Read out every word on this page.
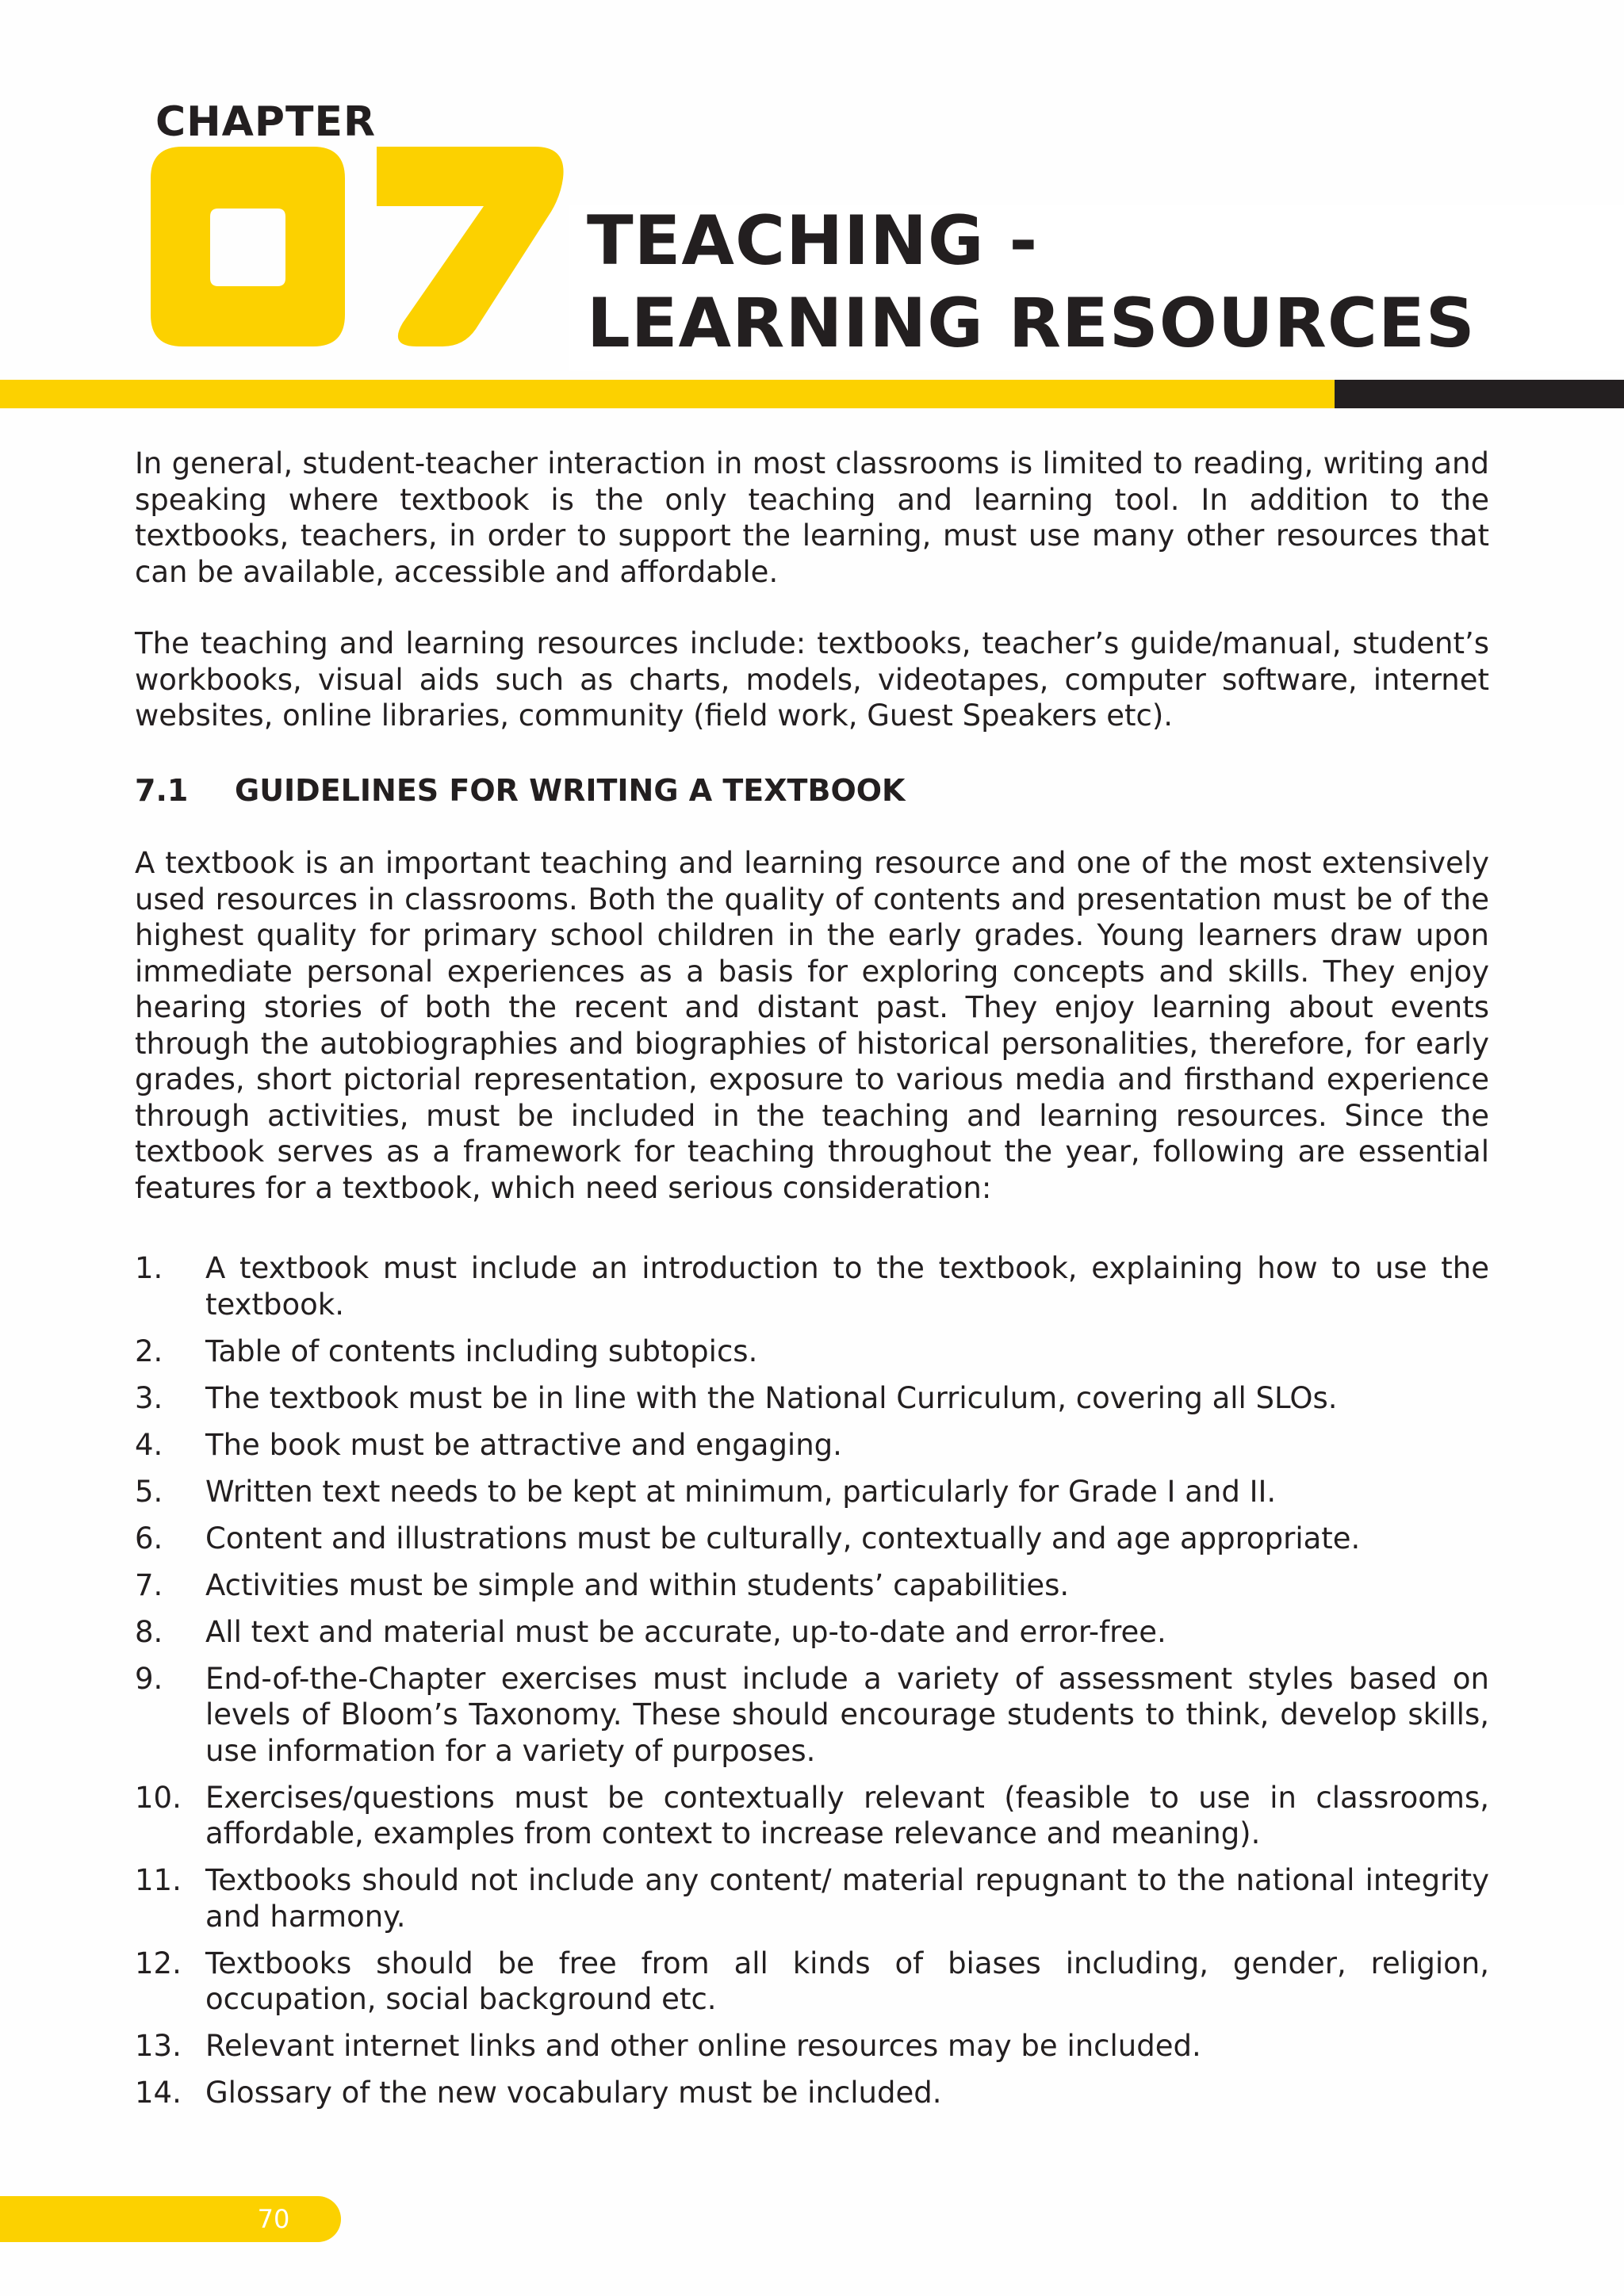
CHAPTER
TEACHING -
LEARNING RESOURCES

In general, student-teacher interaction in most classrooms is limited to reading, writing and speaking where textbook is the only teaching and learning tool. In addition to the textbooks, teachers, in order to support the learning, must use many other resources that can be available, accessible and affordable.

The teaching and learning resources include: textbooks, teacher’s guide/manual, student’s workbooks, visual aids such as charts, models, videotapes, computer software, internet websites, online libraries, community (field work, Guest Speakers etc).

7.1 GUIDELINES FOR WRITING A TEXTBOOK

A textbook is an important teaching and learning resource and one of the most extensively used resources in classrooms. Both the quality of contents and presentation must be of the highest quality for primary school children in the early grades. Young learners draw upon immediate personal experiences as a basis for exploring concepts and skills. They enjoy hearing stories of both the recent and distant past. They enjoy learning about events through the autobiographies and biographies of historical personalities, therefore, for early grades, short pictorial representation, exposure to various media and firsthand experience through activities, must be included in the teaching and learning resources. Since the textbook serves as a framework for teaching throughout the year, following are essential features for a textbook, which need serious consideration:

1. A textbook must include an introduction to the textbook, explaining how to use the textbook.
2. Table of contents including subtopics.
3. The textbook must be in line with the National Curriculum, covering all SLOs.
4. The book must be attractive and engaging.
5. Written text needs to be kept at minimum, particularly for Grade I and II.
6. Content and illustrations must be culturally, contextually and age appropriate.
7. Activities must be simple and within students’ capabilities.
8. All text and material must be accurate, up-to-date and error-free.
9. End-of-the-Chapter exercises must include a variety of assessment styles based on levels of Bloom’s Taxonomy. These should encourage students to think, develop skills, use information for a variety of purposes.
10. Exercises/questions must be contextually relevant (feasible to use in classrooms, affordable, examples from context to increase relevance and meaning).
11. Textbooks should not include any content/ material repugnant to the national integrity and harmony.
12. Textbooks should be free from all kinds of biases including, gender, religion, occupation, social background etc.
13. Relevant internet links and other online resources may be included.
14. Glossary of the new vocabulary must be included.
70
